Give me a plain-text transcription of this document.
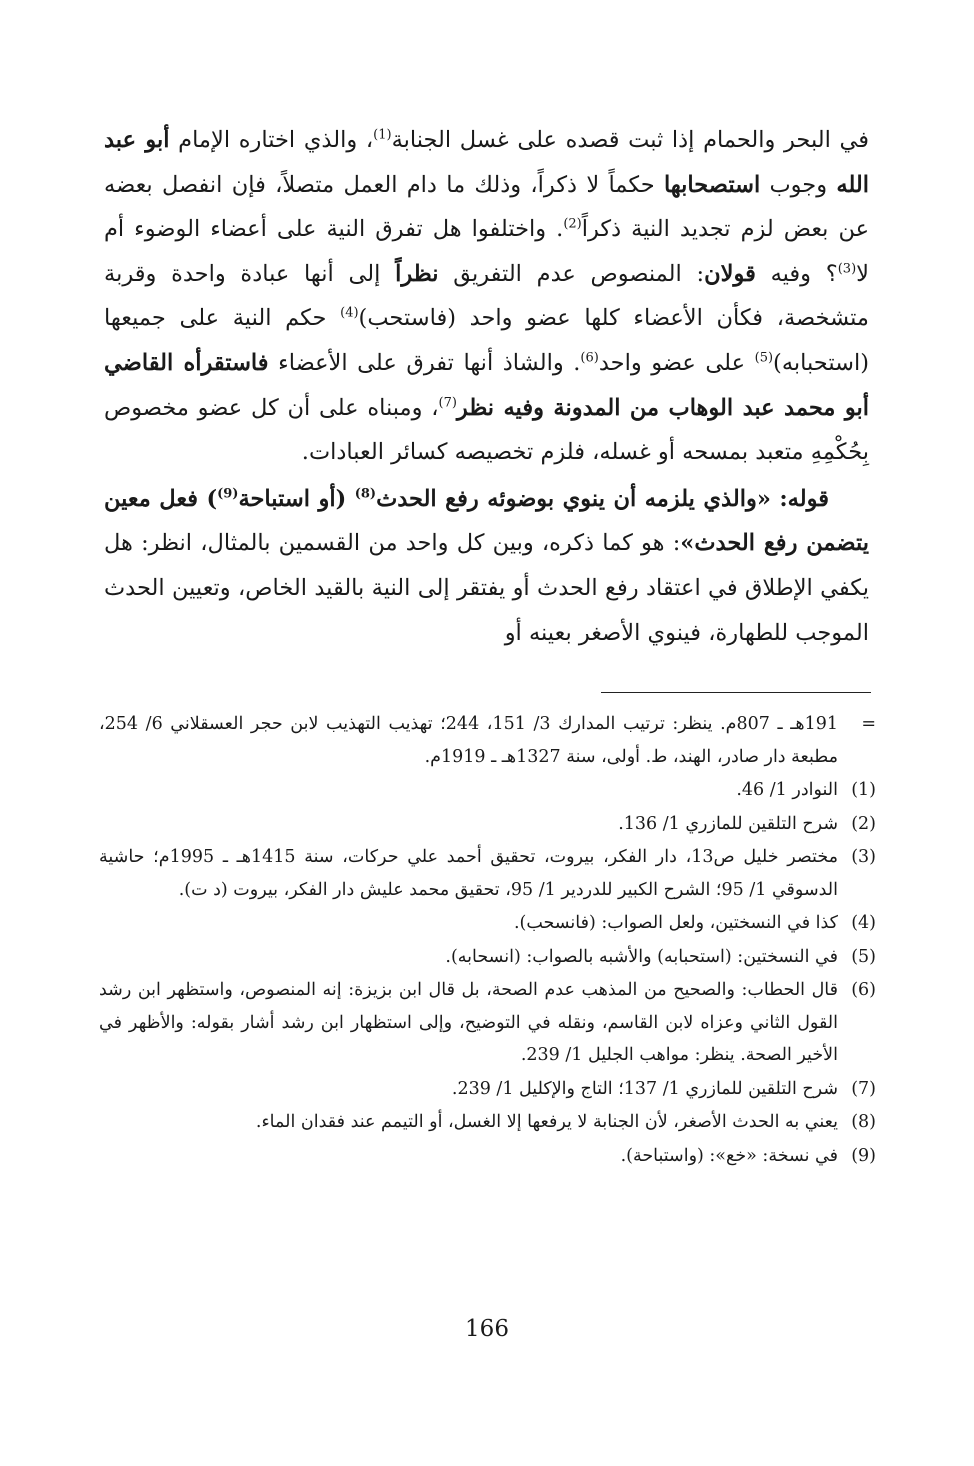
في البحر والحمام إذا ثبت قصده على غسل الجنابة$^{(1)}$، والذي اختاره الإمام أبو عبد الله وجوب استصحابها حكماً لا ذكراً، وذلك ما دام العمل متصلاً، فإن انفصل بعضه عن بعض لزم تجديد النية ذكراً$^{(2)}$. واختلفوا هل تفرق النية على أعضاء الوضوء أم لا$^{(3)}$؟ وفيه قولان: المنصوص عدم التفريق نظراً إلى أنها عبادة واحدة وقربة متشخصة، فكأن الأعضاء كلها عضو واحد (فاستحب)$^{(4)}$ حكم النية على جميعها (استحبابه)$^{(5)}$ على عضو واحد$^{(6)}$. والشاذ أنها تفرق على الأعضاء فاستقرأه القاضي أبو محمد عبد الوهاب من المدونة وفيه نظر$^{(7)}$، ومبناه على أن كل عضو مخصوص بِحُكْمِهِ متعبد بمسحه أو غسله، فلزم تخصيصه كسائر العبادات.

قوله: «والذي يلزمه أن ينوي بوضوئه رفع الحدث$^{(8)}$ (أو استباحة$^{(9)}$) فعل معين يتضمن رفع الحدث»: هو كما ذكره، وبين كل واحد من القسمين بالمثال، انظر: هل يكفي الإطلاق في اعتقاد رفع الحدث أو يفتقر إلى النية بالقيد الخاص، وتعيين الحدث الموجب للطهارة، فينوي الأصغر بعينه أو

=
191هـ ـ 807م. ينظر: ترتيب المدارك 3/ 151، 244؛ تهذيب التهذيب لابن حجر العسقلاني 6/ 254، مطبعة دار صادر، الهند، ط. أولى، سنة 1327هـ ـ 1919م.
(1)
النوادر 1/ 46.
(2)
شرح التلقين للمازري 1/ 136.
(3)
مختصر خليل ص13، دار الفكر، بيروت، تحقيق أحمد علي حركات، سنة 1415هـ ـ 1995م؛ حاشية الدسوقي 1/ 95؛ الشرح الكبير للدردير 1/ 95، تحقيق محمد عليش دار الفكر، بيروت (د ت).
(4)
كذا في النسختين، ولعل الصواب: (فانسحب).
(5)
في النسختين: (استحبابه) والأشبه بالصواب: (انسحابه).
(6)
قال الحطاب: والصحيح من المذهب عدم الصحة، بل قال ابن بزيزة: إنه المنصوص، واستظهر ابن رشد القول الثاني وعزاه لابن القاسم، ونقله في التوضيح، وإلى استظهار ابن رشد أشار بقوله: والأظهر في الأخير الصحة. ينظر: مواهب الجليل 1/ 239.
(7)
شرح التلقين للمازري 1/ 137؛ التاج والإكليل 1/ 239.
(8)
يعني به الحدث الأصغر، لأن الجنابة لا يرفعها إلا الغسل، أو التيمم عند فقدان الماء.
(9)
في نسخة: «خع»: (واستباحة).
166
